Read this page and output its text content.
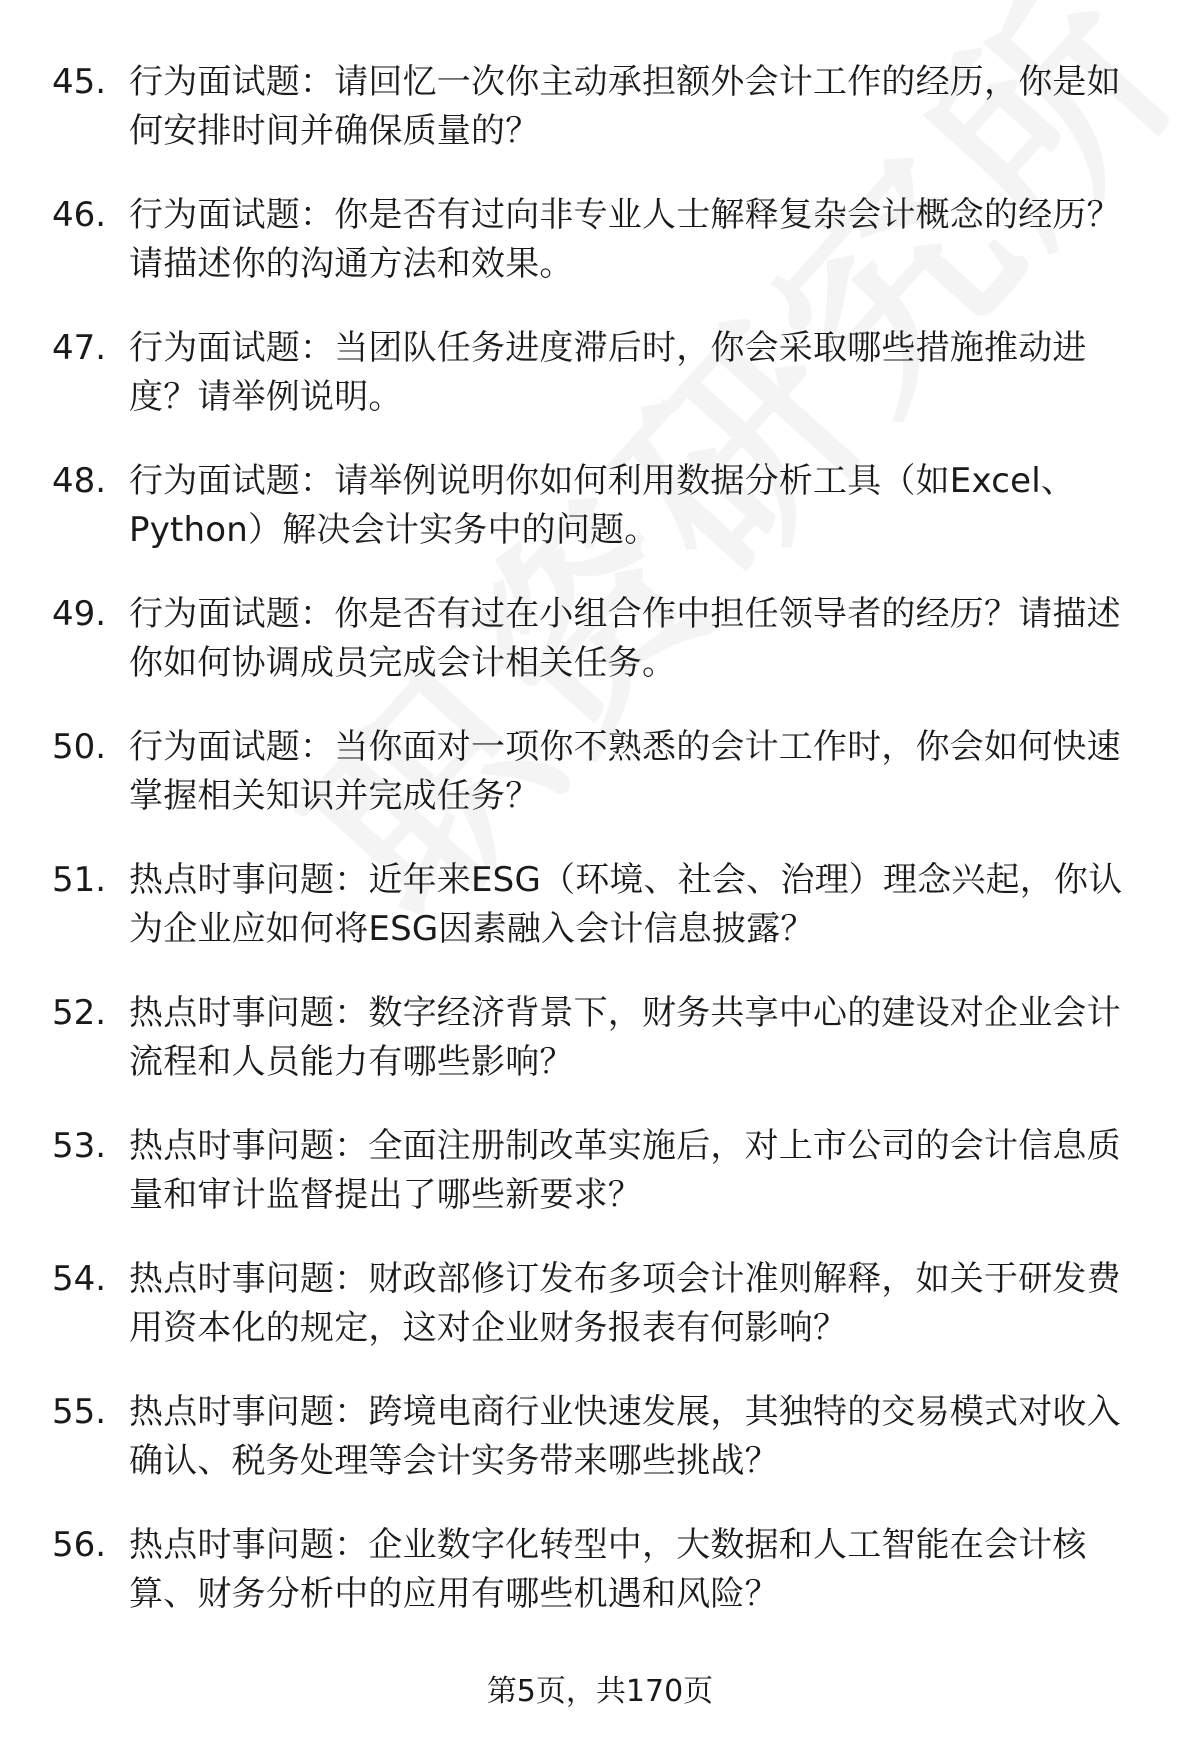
45. 行为面试题：请回忆一次你主动承担额外会计工作的经历，你是如何安排时间并确保质量的？
46. 行为面试题：你是否有过向非专业人士解释复杂会计概念的经历？请描述你的沟通方法和效果。
47. 行为面试题：当团队任务进度滞后时，你会采取哪些措施推动进度？请举例说明。
48. 行为面试题：请举例说明你如何利用数据分析工具（如Excel、Python）解决会计实务中的问题。
49. 行为面试题：你是否有过在小组合作中担任领导者的经历？请描述你如何协调成员完成会计相关任务。
50. 行为面试题：当你面对一项你不熟悉的会计工作时，你会如何快速掌握相关知识并完成任务？
51. 热点时事问题：近年来ESG（环境、社会、治理）理念兴起，你认为企业应如何将ESG因素融入会计信息披露？
52. 热点时事问题：数字经济背景下，财务共享中心的建设对企业会计流程和人员能力有哪些影响？
53. 热点时事问题：全面注册制改革实施后，对上市公司的会计信息质量和审计监督提出了哪些新要求？
54. 热点时事问题：财政部修订发布多项会计准则解释，如关于研发费用资本化的规定，这对企业财务报表有何影响？
55. 热点时事问题：跨境电商行业快速发展，其独特的交易模式对收入确认、税务处理等会计实务带来哪些挑战？
56. 热点时事问题：企业数字化转型中，大数据和人工智能在会计核算、财务分析中的应用有哪些机遇和风险？
第5页，共170页
